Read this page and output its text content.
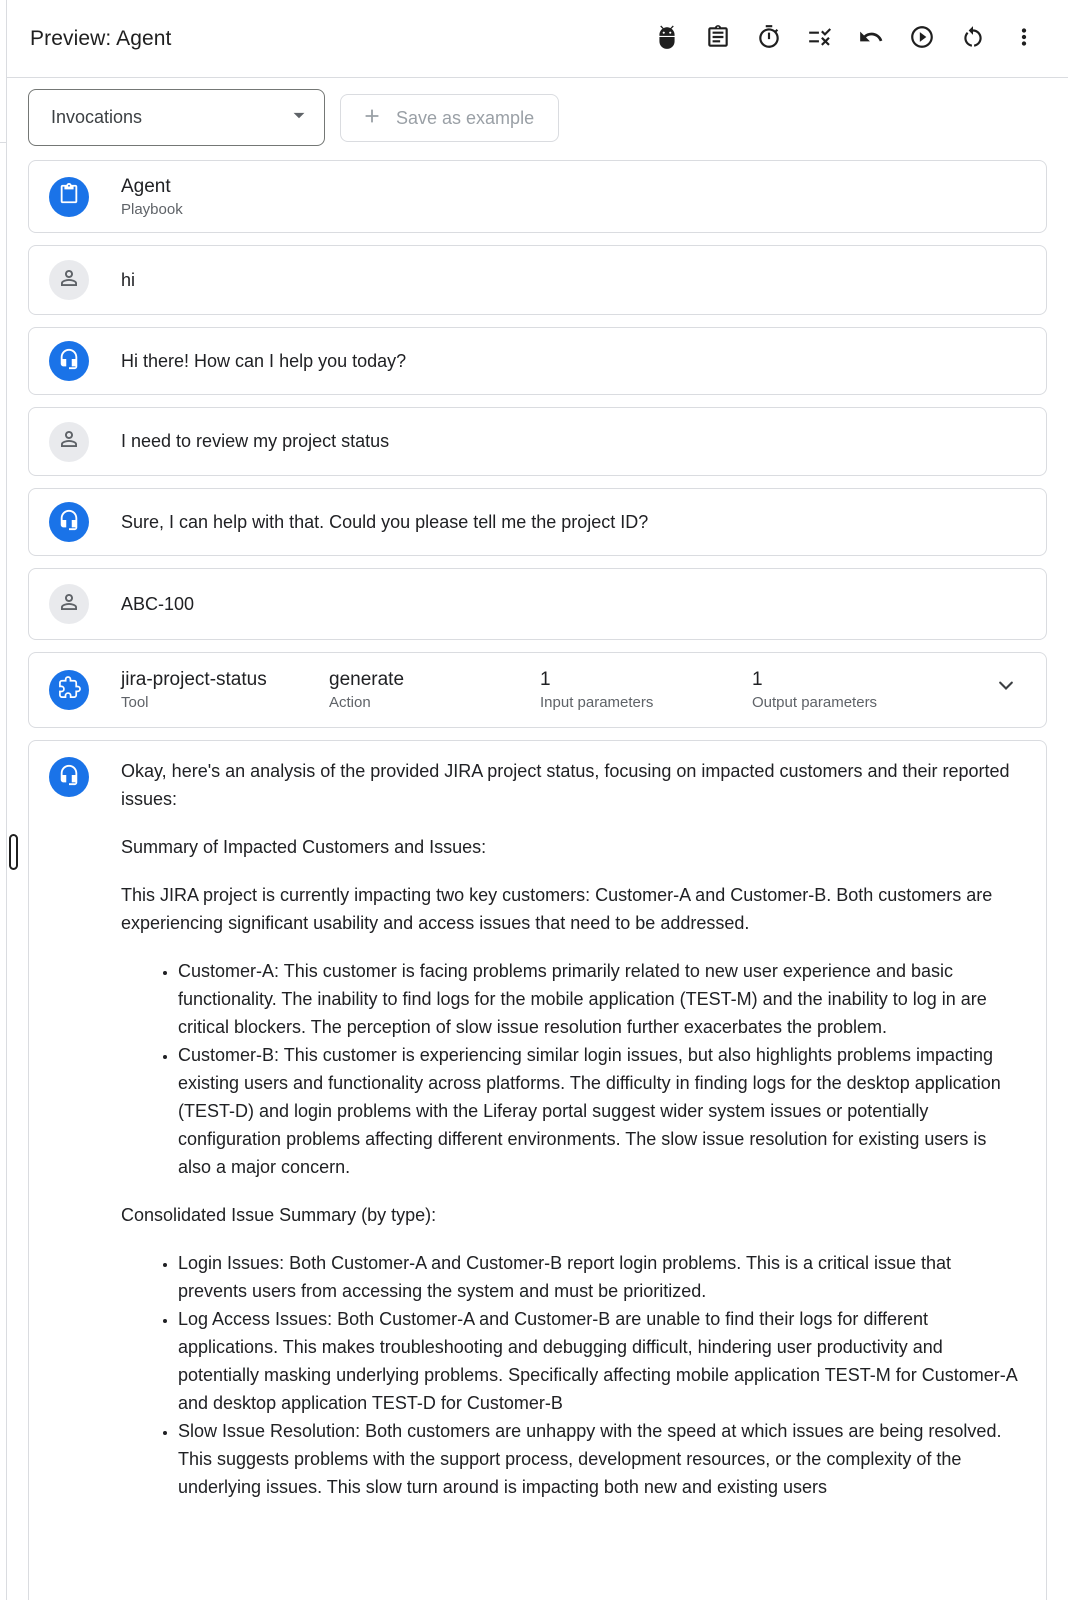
Preview: Agent
Invocations	Save as example
Agent
Playbook
hi
Hi there! How can I help you today?
I need to review my project status
Sure, I can help with that. Could you please tell me the project ID?
ABC-100
jira-project-status
Tool
generate
Action
1
Input parameters
1
Output parameters

Okay, here's an analysis of the provided JIRA project status, focusing on impacted customers and their reported issues:

Summary of Impacted Customers and Issues:

This JIRA project is currently impacting two key customers: Customer-A and Customer-B. Both customers are experiencing significant usability and access issues that need to be addressed.

• Customer-A: This customer is facing problems primarily related to new user experience and basic functionality. The inability to find logs for the mobile application (TEST-M) and the inability to log in are critical blockers. The perception of slow issue resolution further exacerbates the problem.
• Customer-B: This customer is experiencing similar login issues, but also highlights problems impacting existing users and functionality across platforms. The difficulty in finding logs for the desktop application (TEST-D) and login problems with the Liferay portal suggest wider system issues or potentially configuration problems affecting different environments. The slow issue resolution for existing users is also a major concern.

Consolidated Issue Summary (by type):

• Login Issues: Both Customer-A and Customer-B report login problems. This is a critical issue that prevents users from accessing the system and must be prioritized.
• Log Access Issues: Both Customer-A and Customer-B are unable to find their logs for different applications. This makes troubleshooting and debugging difficult, hindering user productivity and potentially masking underlying problems. Specifically affecting mobile application TEST-M for Customer-A and desktop application TEST-D for Customer-B
• Slow Issue Resolution: Both customers are unhappy with the speed at which issues are being resolved. This suggests problems with the support process, development resources, or the complexity of the underlying issues. This slow turn around is impacting both new and existing users
